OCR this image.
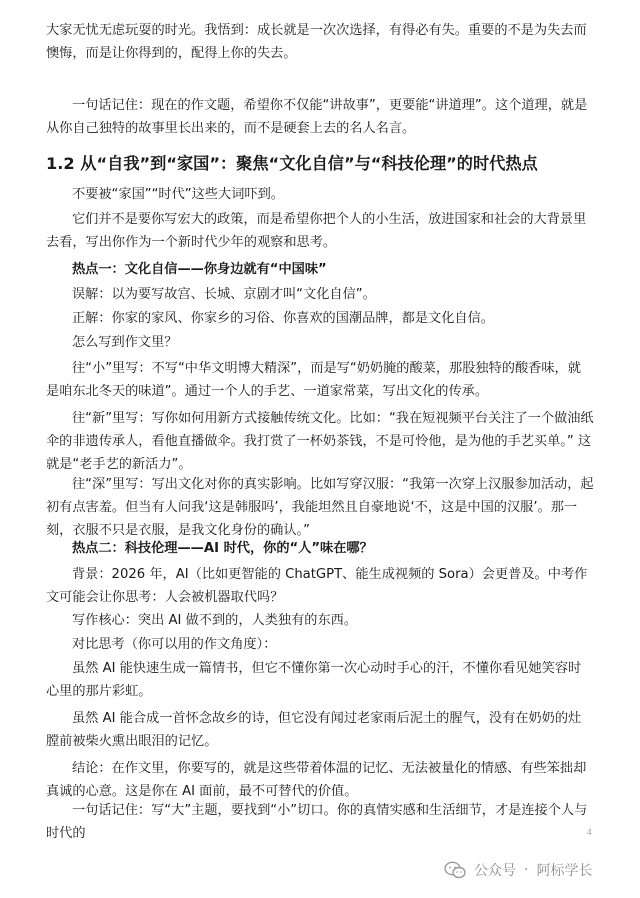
大家无忧无虑玩耍的时光。我悟到：成长就是一次次选择，有得必有失。重要的不是为失去而懊悔，而是让你得到的，配得上你的失去。

一句话记住：现在的作文题，希望你不仅能“讲故事”，更要能“讲道理”。这个道理，就是从你自己独特的故事里长出来的，而不是硬套上去的名人名言。

1.2 从“自我”到“家国”：聚焦“文化自信”与“科技伦理”的时代热点

不要被“家国”“时代”这些大词吓到。

它们并不是要你写宏大的政策，而是希望你把个人的小生活，放进国家和社会的大背景里去看，写出你作为一个新时代少年的观察和思考。

热点一：文化自信——你身边就有“中国味”

误解：以为要写故宫、长城、京剧才叫“文化自信”。

正解：你家的家风、你家乡的习俗、你喜欢的国潮品牌，都是文化自信。

怎么写到作文里？

往“小”里写：不写“中华文明博大精深”，而是写“奶奶腌的酸菜，那股独特的酸香味，就是咱东北冬天的味道”。通过一个人的手艺、一道家常菜，写出文化的传承。

往“新”里写：写你如何用新方式接触传统文化。比如：“我在短视频平台关注了一个做油纸伞的非遗传承人，看他直播做伞。我打赏了一杯奶茶钱，不是可怜他，是为他的手艺买单。” 这就是“老手艺的新活力”。

往“深”里写：写出文化对你的真实影响。比如写穿汉服：“我第一次穿上汉服参加活动，起初有点害羞。但当有人问我‘这是韩服吗’，我能坦然且自豪地说‘不，这是中国的汉服’。那一刻，衣服不只是衣服，是我文化身份的确认。”

热点二：科技伦理——AI 时代，你的“人”味在哪？

背景：2026 年，AI（比如更智能的 ChatGPT、能生成视频的 Sora）会更普及。中考作文可能会让你思考：人会被机器取代吗？

写作核心：突出 AI 做不到的，人类独有的东西。

对比思考（你可以用的作文角度）：

虽然 AI 能快速生成一篇情书，但它不懂你第一次心动时手心的汗，不懂你看见她笑容时心里的那片彩虹。

虽然 AI 能合成一首怀念故乡的诗，但它没有闻过老家雨后泥土的腥气，没有在奶奶的灶膛前被柴火熏出眼泪的记忆。

结论：在作文里，你要写的，就是这些带着体温的记忆、无法被量化的情感、有些笨拙却真诚的心意。这是你在 AI 面前，最不可替代的价值。

一句话记住：写“大”主题，要找到“小”切口。你的真情实感和生活细节，才是连接个人与时代的	4
公众号 · 阿标学长
